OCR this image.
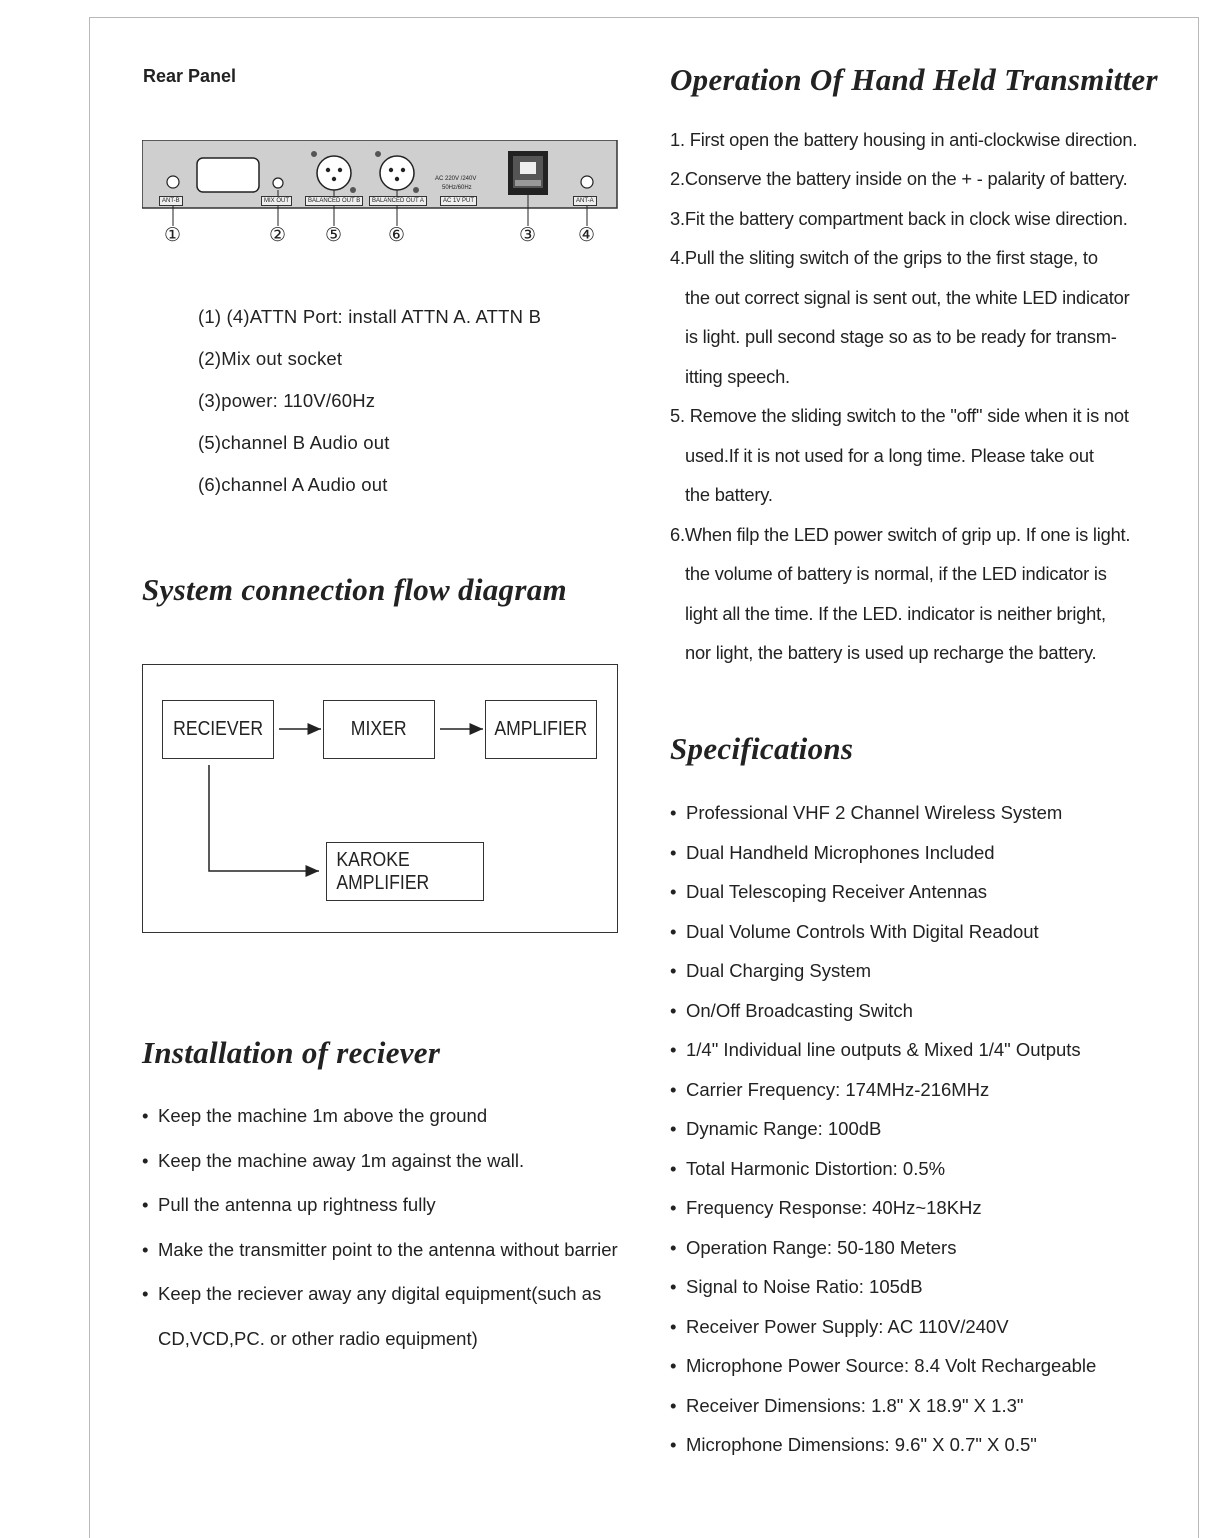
Rear Panel
ANT-B	MIX OUT	BALANCED OUT B	BALANCED OUT A
AC 220V /240V
50Hz/60Hz
AC 1V PUT	ANT-A
①	② ⑤ ⑥	③ ④
(1) (4)ATTN Port: install ATTN A. ATTN B
(2)Mix out socket
(3)power: 110V/60Hz
(5)channel B Audio out
(6)channel A Audio out
System connection flow diagram
RECIEVER	MIXER	AMPLIFIER
KAROKE AMPLIFIER
Installation of reciever
• Keep the machine 1m above the ground
• Keep the machine away 1m against the wall.
• Pull the antenna up rightness fully
• Make the transmitter point to the antenna without barrier
• Keep the reciever away any digital equipment(such as
CD,VCD,PC. or other radio equipment)
Operation Of Hand Held Transmitter
1. First open the battery housing in anti-clockwise direction.
2.Conserve the battery inside on the + - palarity of battery.
3.Fit the battery compartment back in clock wise direction.
4.Pull the sliting switch of the grips to the first stage, to
the out correct signal is sent out, the white LED indicator
is light. pull second stage so as to be ready for transm-
itting speech.
5. Remove the sliding switch to the "off" side when it is not
used.If it is not used for a long time. Please take out
the battery.
6.When filp the LED power switch of grip up. If one is light.
the volume of battery is normal, if the LED indicator is
light all the time. If the LED. indicator is neither bright,
nor light, the battery is used up recharge the battery.
Specifications
• Professional VHF 2 Channel Wireless System
• Dual Handheld Microphones Included
• Dual Telescoping Receiver Antennas
• Dual Volume Controls With Digital Readout
• Dual Charging System
• On/Off Broadcasting Switch
• 1/4" Individual line outputs & Mixed 1/4" Outputs
• Carrier Frequency: 174MHz-216MHz
• Dynamic Range: 100dB
• Total Harmonic Distortion: 0.5%
• Frequency Response: 40Hz~18KHz
• Operation Range: 50-180 Meters
• Signal to Noise Ratio: 105dB
• Receiver Power Supply: AC 110V/240V
• Microphone Power Source: 8.4 Volt Rechargeable
• Receiver Dimensions: 1.8" X 18.9" X 1.3"
• Microphone Dimensions: 9.6" X 0.7" X 0.5"
